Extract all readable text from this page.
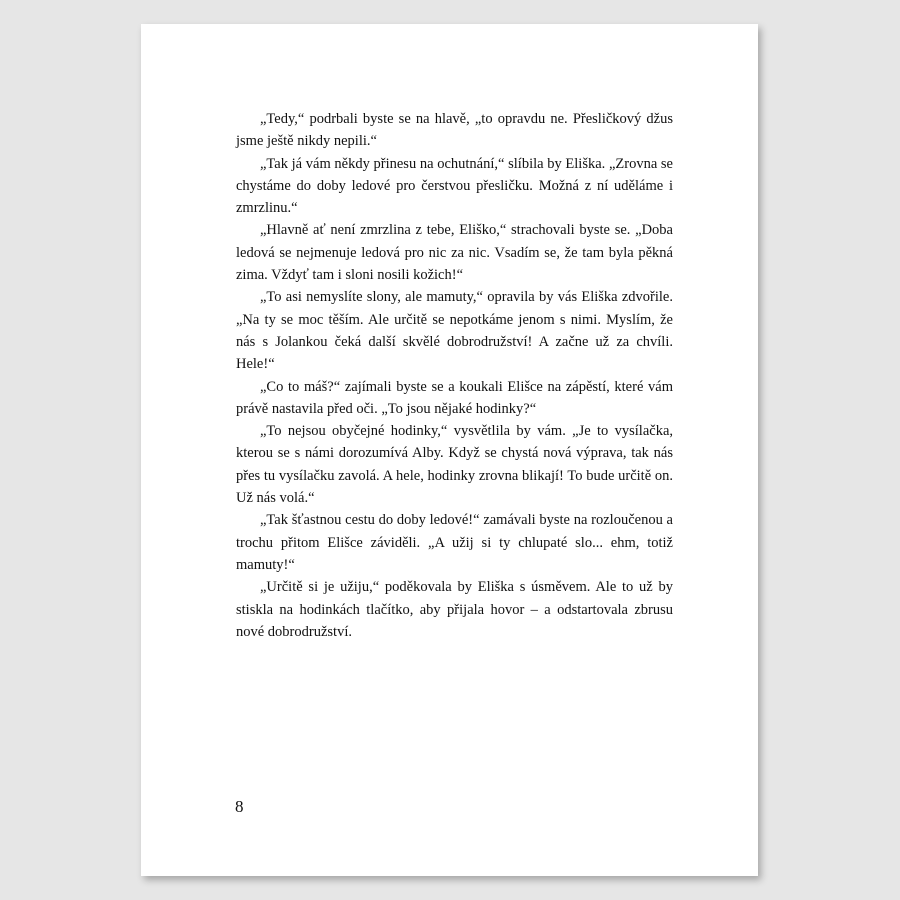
„Tedy,“ podrbali byste se na hlavě, „to opravdu ne. Přesličkový džus jsme ještě nikdy nepili.“

„Tak já vám někdy přinesu na ochutnání,“ slíbila by Eliška. „Zrovna se chystáme do doby ledové pro čerstvou přesličku. Možná z ní uděláme i zmrzlinu.“

„Hlavně ať není zmrzlina z tebe, Eliško,“ strachovali byste se. „Doba ledová se nejmenuje ledová pro nic za nic. Vsadím se, že tam byla pěkná zima. Vždyť tam i sloni nosili kožich!“

„To asi nemyslíte slony, ale mamuty,“ opravila by vás Eliška zdvořile. „Na ty se moc těším. Ale určitě se nepotkáme jenom s nimi. Myslím, že nás s Jolankou čeká další skvělé dobrodružství! A začne už za chvíli. Hele!“

„Co to máš?“ zajímali byste se a koukali Elišce na zápěstí, které vám právě nastavila před oči. „To jsou nějaké hodinky?“

„To nejsou obyčejné hodinky,“ vysvětlila by vám. „Je to vysílačka, kterou se s námi dorozumívá Alby. Když se chystá nová výprava, tak nás přes tu vysílačku zavolá. A hele, hodinky zrovna blikají! To bude určitě on. Už nás volá.“

„Tak šťastnou cestu do doby ledové!“ zamávali byste na rozloučenou a trochu přitom Elišce záviděli. „A užij si ty chlupaté slo... ehm, totiž mamuty!“

„Určitě si je užiju,“ poděkovala by Eliška s úsměvem. Ale to už by stiskla na hodinkách tlačítko, aby přijala hovor – a odstartovala zbrusu nové dobrodružství.

8
